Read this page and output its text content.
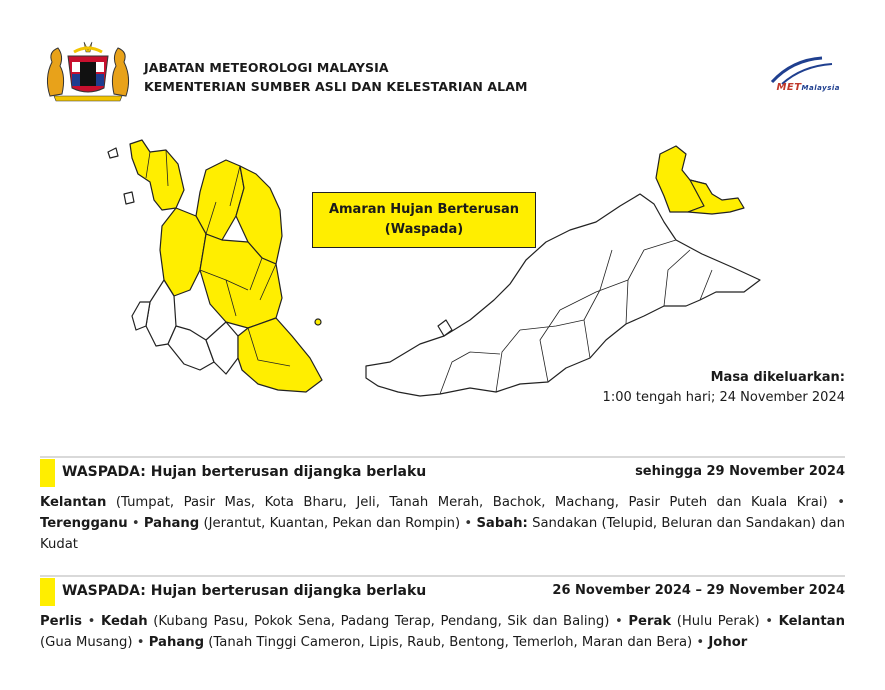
JABATAN METEOROLOGI MALAYSIA
KEMENTERIAN SUMBER ASLI DAN KELESTARIAN ALAM	METMalaysia
Amaran Hujan Berterusan
(Waspada)
Masa dikeluarkan:
1:00 tengah hari; 24 November 2024
WASPADA: Hujan berterusan dijangka berlaku	sehingga 29 November 2024
Kelantan (Tumpat, Pasir Mas, Kota Bharu, Jeli, Tanah Merah, Bachok, Machang, Pasir Puteh dan Kuala Krai) • Terengganu • Pahang (Jerantut, Kuantan, Pekan dan Rompin) • Sabah: Sandakan (Telupid, Beluran dan Sandakan) dan Kudat
WASPADA: Hujan berterusan dijangka berlaku	26 November 2024 – 29 November 2024
Perlis • Kedah (Kubang Pasu, Pokok Sena, Padang Terap, Pendang, Sik dan Baling) • Perak (Hulu Perak) • Kelantan (Gua Musang) • Pahang (Tanah Tinggi Cameron, Lipis, Raub, Bentong, Temerloh, Maran dan Bera) • Johor
